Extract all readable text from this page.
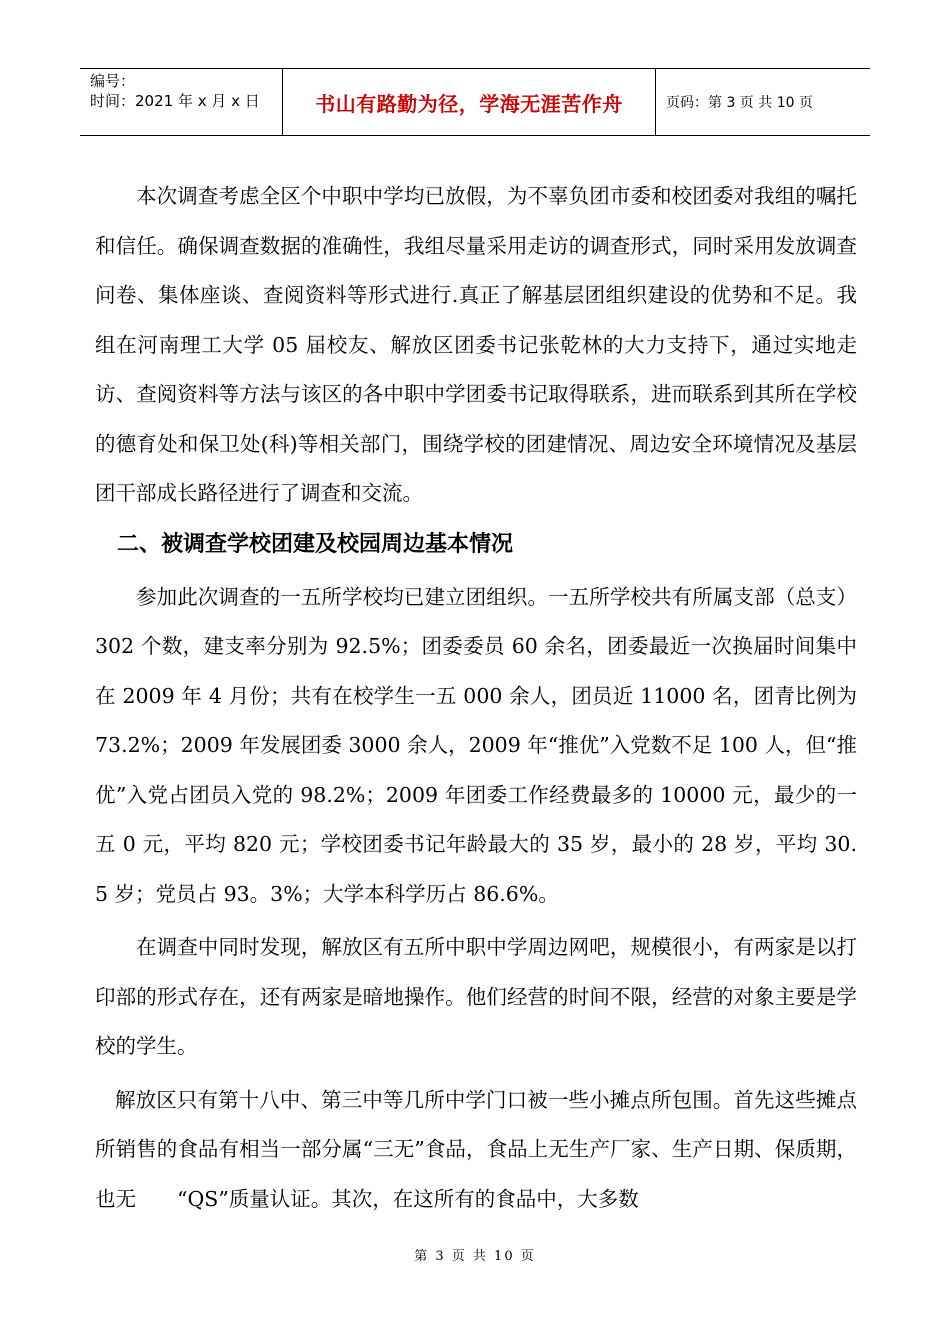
编号：
时间：2021 年 x 月 x 日	书山有路勤为径，学海无涯苦作舟	页码：第 3 页 共 10 页

本次调查考虑全区个中职中学均已放假，为不辜负团市委和校团委对我组的嘱托和信任。确保调查数据的准确性，我组尽量采用走访的调查形式，同时采用发放调查问卷、集体座谈、查阅资料等形式进行.真正了解基层团组织建设的优势和不足。我组在河南理工大学 05 届校友、解放区团委书记张乾林的大力支持下，通过实地走访、查阅资料等方法与该区的各中职中学团委书记取得联系，进而联系到其所在学校的德育处和保卫处(科)等相关部门，围绕学校的团建情况、周边安全环境情况及基层团干部成长路径进行了调查和交流。

二、被调查学校团建及校园周边基本情况

参加此次调查的一五所学校均已建立团组织。一五所学校共有所属支部（总支）302 个数，建支率分别为 92.5%；团委委员 60 余名，团委最近一次换届时间集中在 2009 年 4 月份；共有在校学生一五 000 余人，团员近 11000 名，团青比例为 73.2%；2009 年发展团委 3000 余人，2009 年“推优”入党数不足 100 人，但“推优”入党占团员入党的 98.2%；2009 年团委工作经费最多的 10000 元，最少的一五 0 元，平均 820 元；学校团委书记年龄最大的 35 岁，最小的 28 岁，平均 30.5 岁；党员占 93。3%；大学本科学历占 86.6%。

在调查中同时发现，解放区有五所中职中学周边网吧，规模很小，有两家是以打印部的形式存在，还有两家是暗地操作。他们经营的时间不限，经营的对象主要是学校的学生。

解放区只有第十八中、第三中等几所中学门口被一些小摊点所包围。首先这些摊点所销售的食品有相当一部分属“三无”食品，食品上无生产厂家、生产日期、保质期，也无　　“QS”质量认证。其次，在这所有的食品中，大多数

第 3 页 共 10 页
